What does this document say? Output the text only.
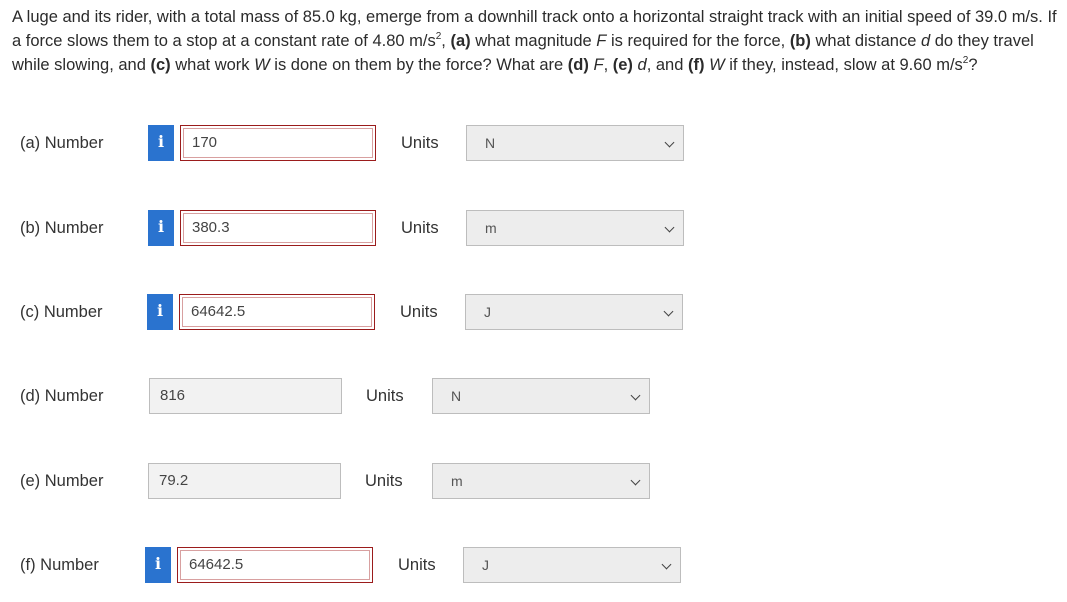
A luge and its rider, with a total mass of 85.0 kg, emerge from a downhill track onto a horizontal straight track with an initial speed of 39.0 m/s. If a force slows them to a stop at a constant rate of 4.80 $m/s^2$, (a) what magnitude F is required for the force, (b) what distance d do they travel while slowing, and (c) what work W is done on them by the force? What are (d) F, (e) d, and (f) W if they, instead, slow at 9.60 $m/s^2$?
(a) Number	i	170	Units	N
(b) Number	i	380.3	Units	m
(c) Number	i	64642.5	Units	J
(d) Number	816	Units	N
(e) Number	79.2	Units	m
(f) Number	i	64642.5	Units	J
